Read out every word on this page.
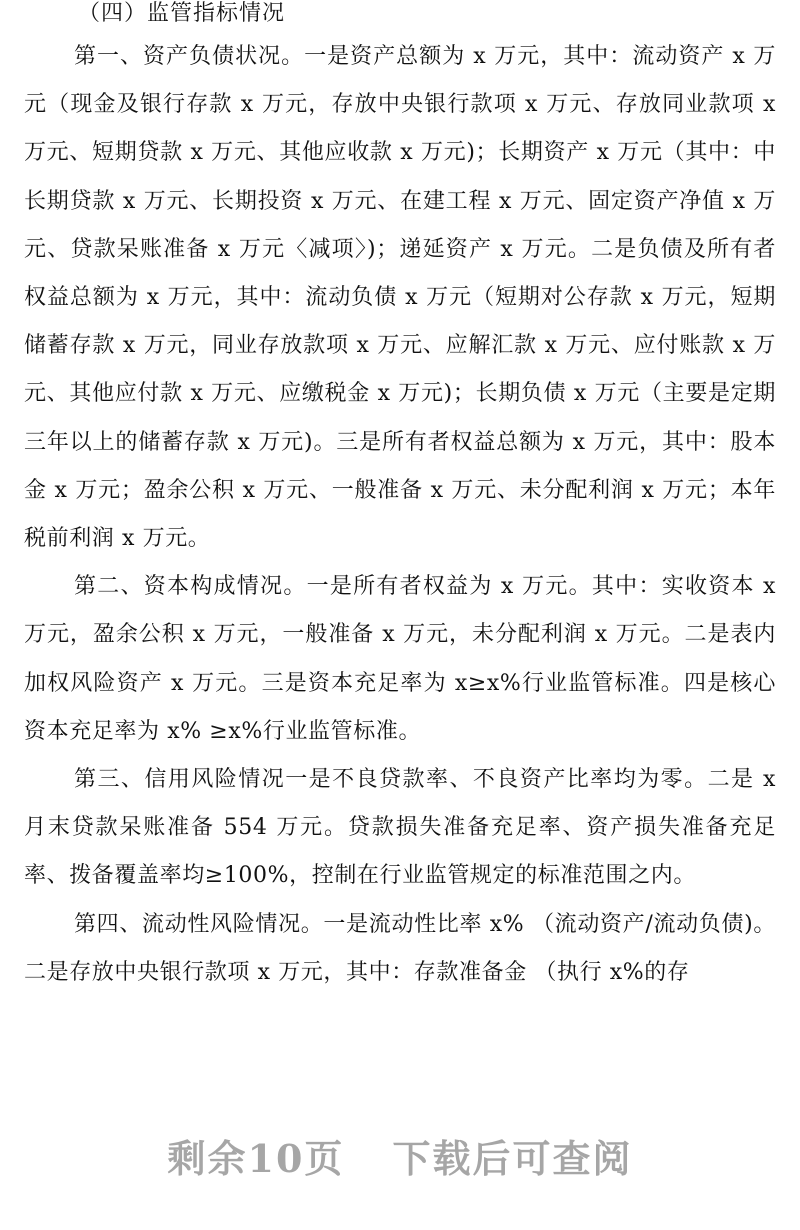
（四）监管指标情况

第一、资产负债状况。一是资产总额为 x 万元，其中：流动资产 x 万元（现金及银行存款 x 万元，存放中央银行款项 x 万元、存放同业款项 x 万元、短期贷款 x 万元、其他应收款 x 万元)；长期资产 x 万元（其中：中长期贷款 x 万元、长期投资 x 万元、在建工程 x 万元、固定资产净值 x 万元、贷款呆账准备 x 万元〈减项〉)；递延资产 x 万元。二是负债及所有者权益总额为 x 万元，其中：流动负债 x 万元（短期对公存款 x 万元，短期储蓄存款 x 万元，同业存放款项 x 万元、应解汇款 x 万元、应付账款 x 万元、其他应付款 x 万元、应缴税金 x 万元)；长期负债 x 万元（主要是定期三年以上的储蓄存款 x 万元)。三是所有者权益总额为 x 万元，其中：股本金 x 万元；盈余公积 x 万元、一般准备 x 万元、未分配利润 x 万元；本年税前利润 x 万元。

第二、资本构成情况。一是所有者权益为 x 万元。其中：实收资本 x 万元，盈余公积 x 万元，一般准备 x 万元，未分配利润 x 万元。二是表内加权风险资产 x 万元。三是资本充足率为 x≥x%行业监管标准。四是核心资本充足率为 x% ≥x%行业监管标准。

第三、信用风险情况一是不良贷款率、不良资产比率均为零。二是 x 月末贷款呆账准备 554 万元。贷款损失准备充足率、资产损失准备充足率、拨备覆盖率均≥100%，控制在行业监管规定的标准范围之内。

第四、流动性风险情况。一是流动性比率 x% （流动资产/流动负债)。二是存放中央银行款项 x 万元，其中：存款准备金 （执行 x%的存

剩余10页 下载后可查阅
